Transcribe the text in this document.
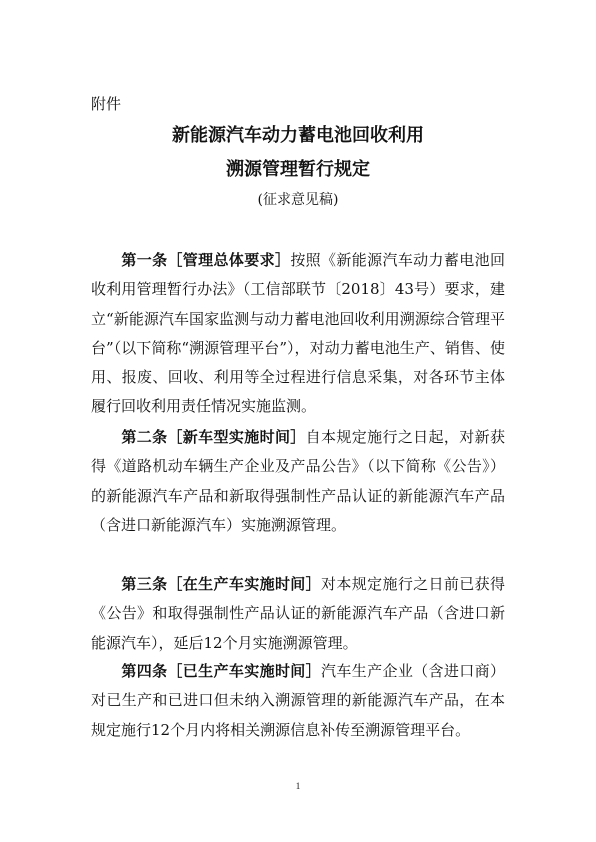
附件
新能源汽车动力蓄电池回收利用
溯源管理暂行规定
(征求意见稿)

第一条［管理总体要求］按照《新能源汽车动力蓄电池回收利用管理暂行办法》（工信部联节〔2018〕43号）要求，建立“新能源汽车国家监测与动力蓄电池回收利用溯源综合管理平台”（以下简称“溯源管理平台”），对动力蓄电池生产、销售、使用、报废、回收、利用等全过程进行信息采集，对各环节主体履行回收利用责任情况实施监测。

第二条［新车型实施时间］自本规定施行之日起，对新获得《道路机动车辆生产企业及产品公告》（以下简称《公告》）的新能源汽车产品和新取得强制性产品认证的新能源汽车产品（含进口新能源汽车）实施溯源管理。

第三条［在生产车实施时间］对本规定施行之日前已获得《公告》和取得强制性产品认证的新能源汽车产品（含进口新能源汽车），延后12个月实施溯源管理。

第四条［已生产车实施时间］汽车生产企业（含进口商）对已生产和已进口但未纳入溯源管理的新能源汽车产品，在本规定施行12个月内将相关溯源信息补传至溯源管理平台。

1
